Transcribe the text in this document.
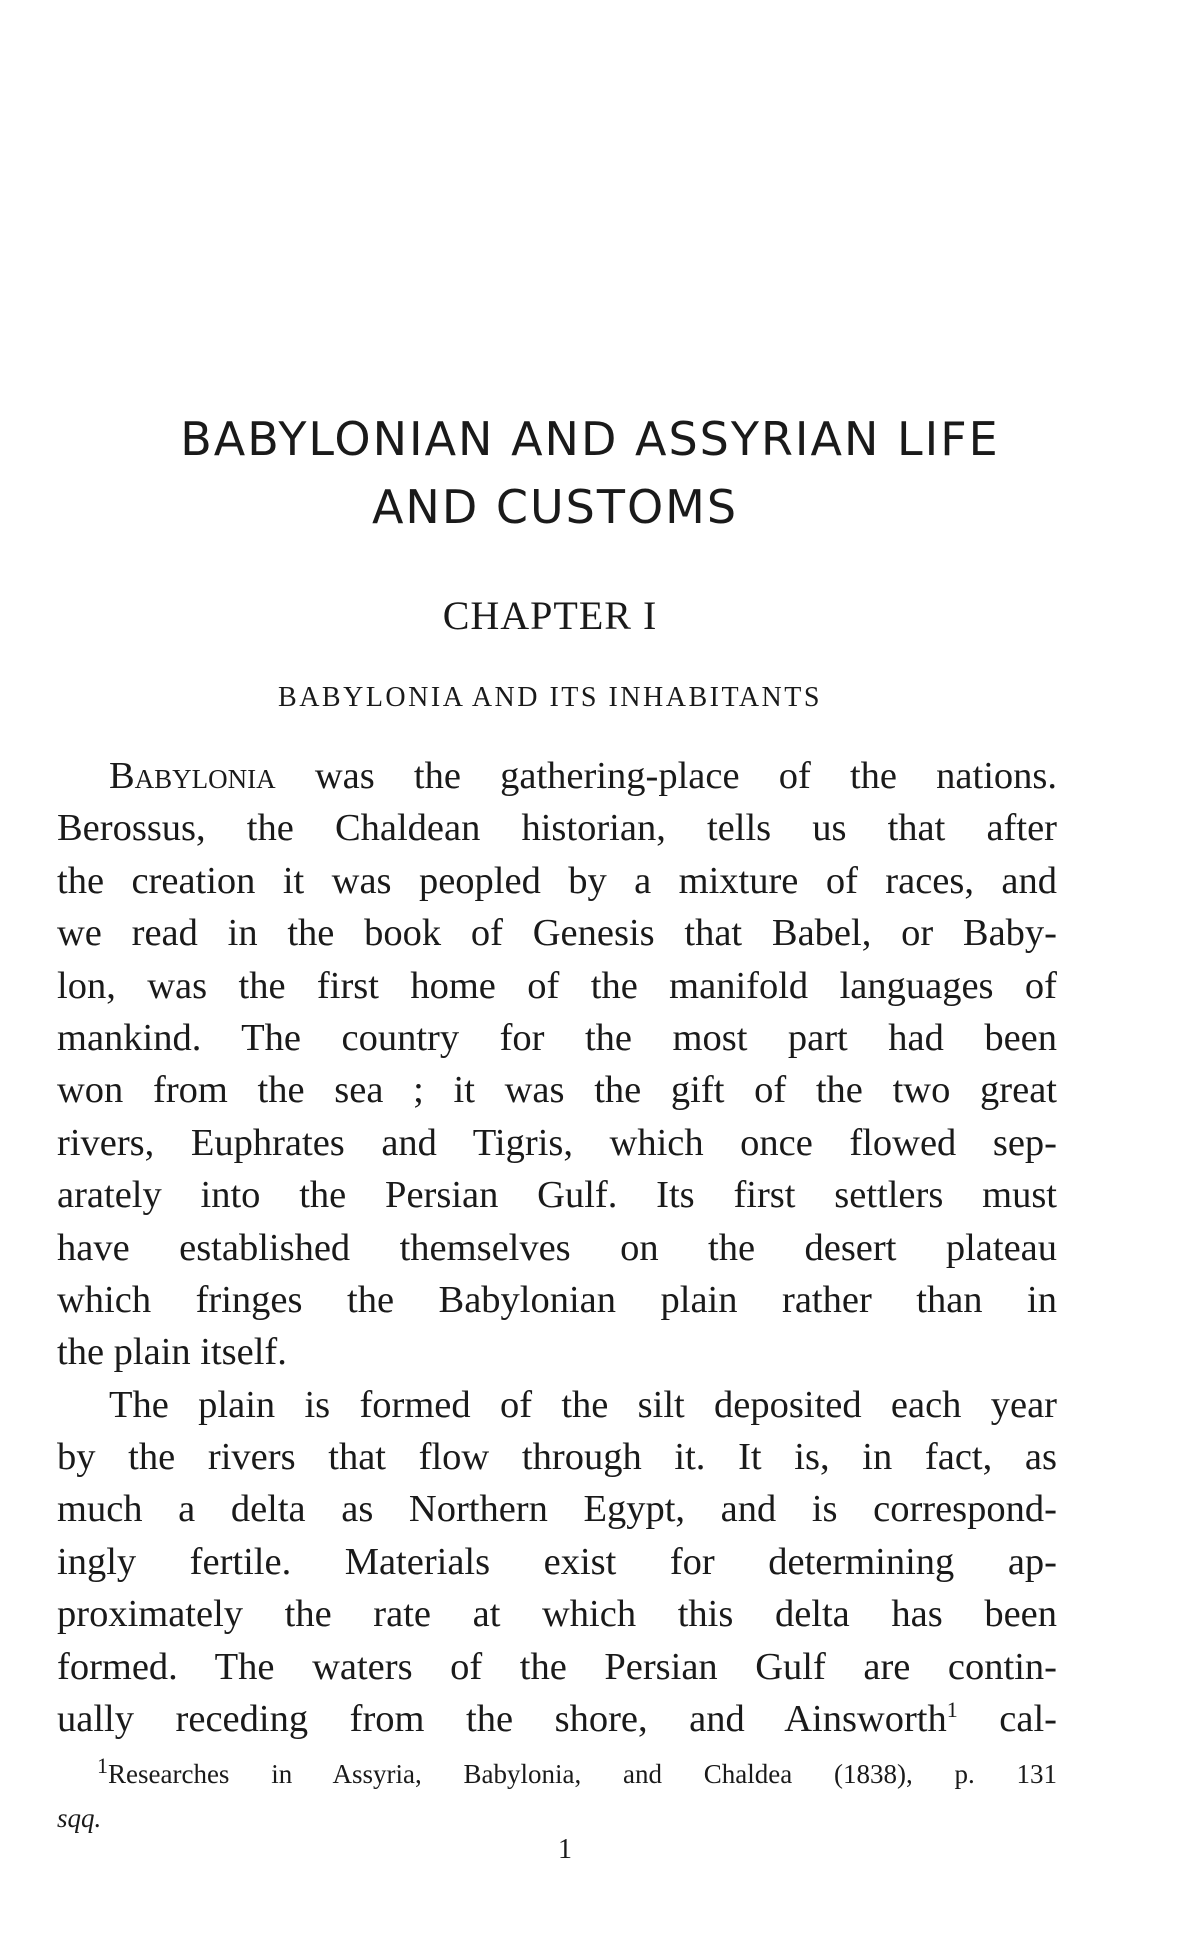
BABYLONIAN AND ASSYRIAN LIFE
AND CUSTOMS
CHAPTER I
BABYLONIA AND ITS INHABITANTS
Babylonia was the gathering-place of the nations.
Berossus, the Chaldean historian, tells us that after
the creation it was peopled by a mixture of races, and
we read in the book of Genesis that Babel, or Baby-
lon, was the first home of the manifold languages of
mankind. The country for the most part had been
won from the sea ; it was the gift of the two great
rivers, Euphrates and Tigris, which once flowed sep-
arately into the Persian Gulf. Its first settlers must
have established themselves on the desert plateau
which fringes the Babylonian plain rather than in
the plain itself.
The plain is formed of the silt deposited each year
by the rivers that flow through it. It is, in fact, as
much a delta as Northern Egypt, and is correspond-
ingly fertile. Materials exist for determining ap-
proximately the rate at which this delta has been
formed. The waters of the Persian Gulf are contin-
ually receding from the shore, and Ainsworth$^1$ cal-
$^1$Researches in Assyria, Babylonia, and Chaldea (1838), p. 131
sqq.
1
